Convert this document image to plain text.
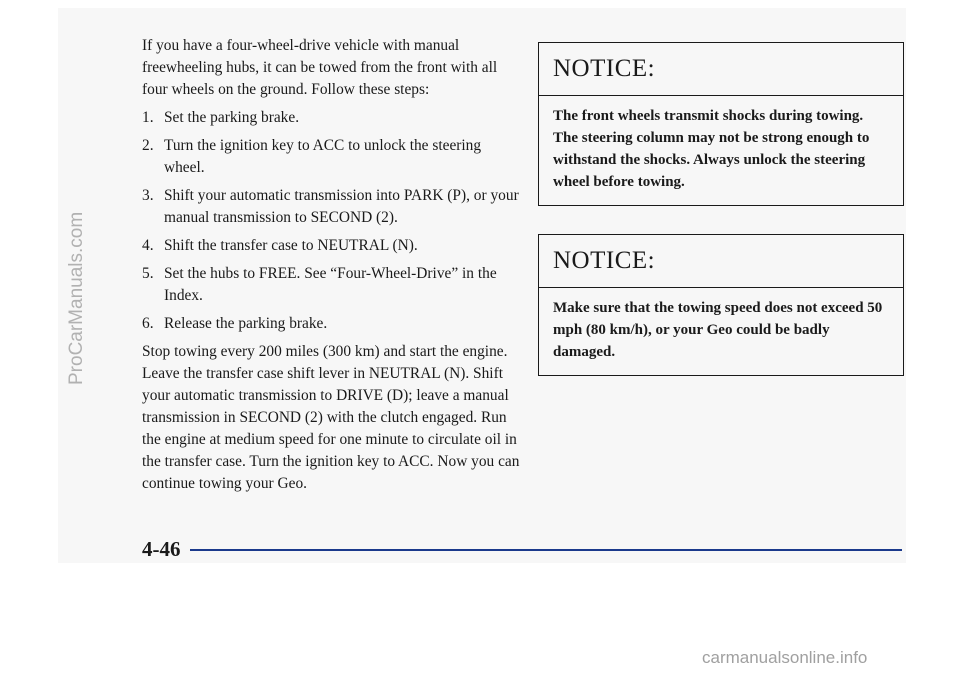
If you have a four-wheel-drive vehicle with manual freewheeling hubs, it can be towed from the front with all four wheels on the ground. Follow these steps:

1. Set the parking brake.
2. Turn the ignition key to ACC to unlock the steering wheel.
3. Shift your automatic transmission into PARK (P), or your manual transmission to SECOND (2).
4. Shift the transfer case to NEUTRAL (N).
5. Set the hubs to FREE. See “Four-Wheel-Drive” in the Index.
6. Release the parking brake.

Stop towing every 200 miles (300 km) and start the engine. Leave the transfer case shift lever in NEUTRAL (N). Shift your automatic transmission to DRIVE (D); leave a manual transmission in SECOND (2) with the clutch engaged. Run the engine at medium speed for one minute to circulate oil in the transfer case. Turn the ignition key to ACC. Now you can continue towing your Geo.

NOTICE:
The front wheels transmit shocks during towing. The steering column may not be strong enough to withstand the shocks. Always unlock the steering wheel before towing.
NOTICE:
Make sure that the towing speed does not exceed 50 mph (80 km/h), or your Geo could be badly damaged.
4-46
ProCarManuals.com
carmanualsonline.info
